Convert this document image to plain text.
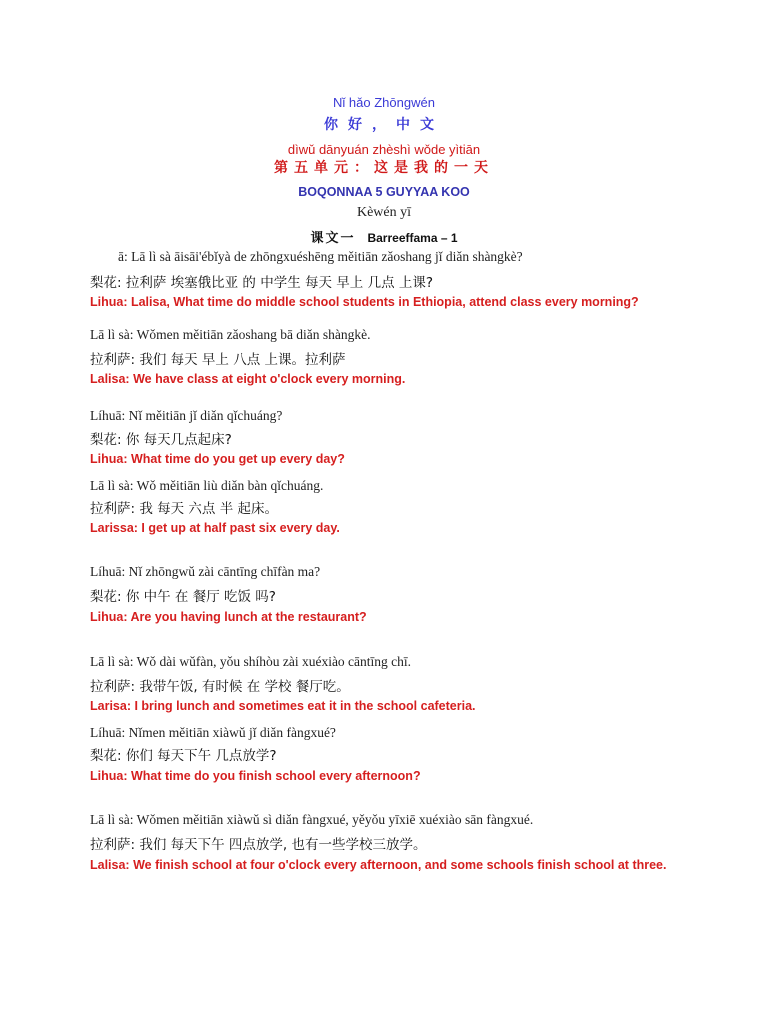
Nǐ hǎo Zhōngwén
你好，中文
dìwǔ dānyuán zhèshì wǒde yìtiān
第五单元：这是我的一天
BOQONNAA 5 GUYYAA KOO
Kèwén yī
课文一 Barreeffama – 1
ā: Lā lì sà āisāi'ébǐyà de zhōngxuéshēng měitiān zǎoshang jǐ diǎn shàngkè?
梨花: 拉利萨 埃塞俄比亚 的 中学生 每天 早上 几点 上课?
Lihua: Lalisa, What time do middle school students in Ethiopia, attend class every morning?
Lā lì sà: Wǒmen měitiān zǎoshang bā diǎn shàngkè.
拉利萨: 我们 每天 早上 八点 上课。拉利萨
Lalisa: We have class at eight o'clock every morning.
Líhuā: Nǐ měitiān jǐ diǎn qǐchuáng?
梨花: 你 每天几点起床?
Lihua: What time do you get up every day?
Lā lì sà: Wǒ měitiān liù diǎn bàn qǐchuáng.
拉利萨: 我 每天 六点 半 起床。
Larissa: I get up at half past six every day.
Líhuā: Nǐ zhōngwǔ zài cāntīng chīfàn ma?
梨花: 你 中午 在 餐厅 吃饭 吗?
Lihua: Are you having lunch at the restaurant?
Lā lì sà: Wǒ dài wǔfàn, yǒu shíhòu zài xuéxiào cāntīng chī.
拉利萨: 我带午饭, 有时候 在 学校 餐厅吃。
Larisa: I bring lunch and sometimes eat it in the school cafeteria.
Líhuā: Nǐmen měitiān xiàwǔ jǐ diǎn fàngxué?
梨花: 你们 每天下午 几点放学?
Lihua: What time do you finish school every afternoon?
Lā lì sà: Wǒmen měitiān xiàwǔ sì diǎn fàngxué, yěyǒu yīxiē xuéxiào sān fàngxué.
拉利萨: 我们 每天下午 四点放学, 也有一些学校三放学。
Lalisa: We finish school at four o'clock every afternoon, and some schools finish school at three.
